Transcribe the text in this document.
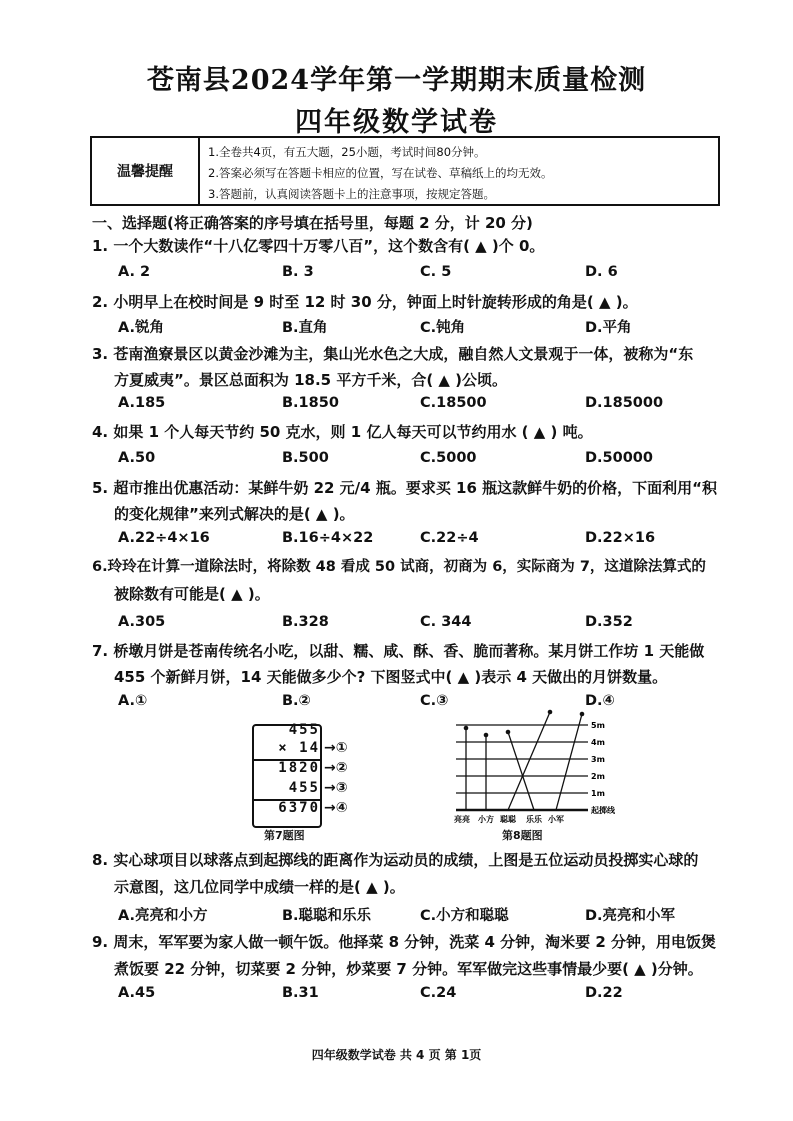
苍南县2024学年第一学期期末质量检测
四年级数学试卷
温馨提醒
1.全卷共4页，有五大题，25小题，考试时间80分钟。
2.答案必须写在答题卡相应的位置，写在试卷、草稿纸上的均无效。
3.答题前，认真阅读答题卡上的注意事项，按规定答题。
一、选择题(将正确答案的序号填在括号里，每题 2 分，计 20 分)
1. 一个大数读作“十八亿零四十万零八百”，这个数含有( ▲ )个 0。
A. 2	B. 3	C. 5	D. 6
2. 小明早上在校时间是 9 时至 12 时 30 分，钟面上时针旋转形成的角是( ▲ )。
A.锐角	B.直角	C.钝角	D.平角
3. 苍南渔寮景区以黄金沙滩为主，集山光水色之大成，融自然人文景观于一体，被称为“东
方夏威夷”。景区总面积为 18.5 平方千米，合( ▲ )公顷。
A.185	B.1850	C.18500	D.185000
4. 如果 1 个人每天节约 50 克水，则 1 亿人每天可以节约用水 ( ▲ ) 吨。
A.50	B.500	C.5000	D.50000
5. 超市推出优惠活动：某鲜牛奶 22 元/4 瓶。要求买 16 瓶这款鲜牛奶的价格，下面利用“积
的变化规律”来列式解决的是( ▲ )。
A.22÷4×16	B.16÷4×22	C.22÷4	D.22×16
6.玲玲在计算一道除法时，将除数 48 看成 50 试商，初商为 6，实际商为 7，这道除法算式的
被除数有可能是( ▲ )。
A.305	B.328	C. 344	D.352
7. 桥墩月饼是苍南传统名小吃，以甜、糯、咸、酥、香、脆而著称。某月饼工作坊 1 天能做
455 个新鲜月饼，14 天能做多少个? 下图竖式中( ▲ )表示 4 天做出的月饼数量。
A.①	B.②	C.③	D.④
455
× 14
1820
455
6370
→①
→②
→③
→④
第7题图
5m
4m
3m
2m
1m
起掷线
亮亮 小方 聪聪 乐乐 小军
第8题图
8. 实心球项目以球落点到起掷线的距离作为运动员的成绩，上图是五位运动员投掷实心球的
示意图，这几位同学中成绩一样的是( ▲ )。
A.亮亮和小方	B.聪聪和乐乐	C.小方和聪聪	D.亮亮和小军
9. 周末，军军要为家人做一顿午饭。他择菜 8 分钟，洗菜 4 分钟，淘米要 2 分钟，用电饭煲
煮饭要 22 分钟，切菜要 2 分钟，炒菜要 7 分钟。军军做完这些事情最少要( ▲ )分钟。
A.45	B.31	C.24	D.22
四年级数学试卷 共 4 页 第 1页
